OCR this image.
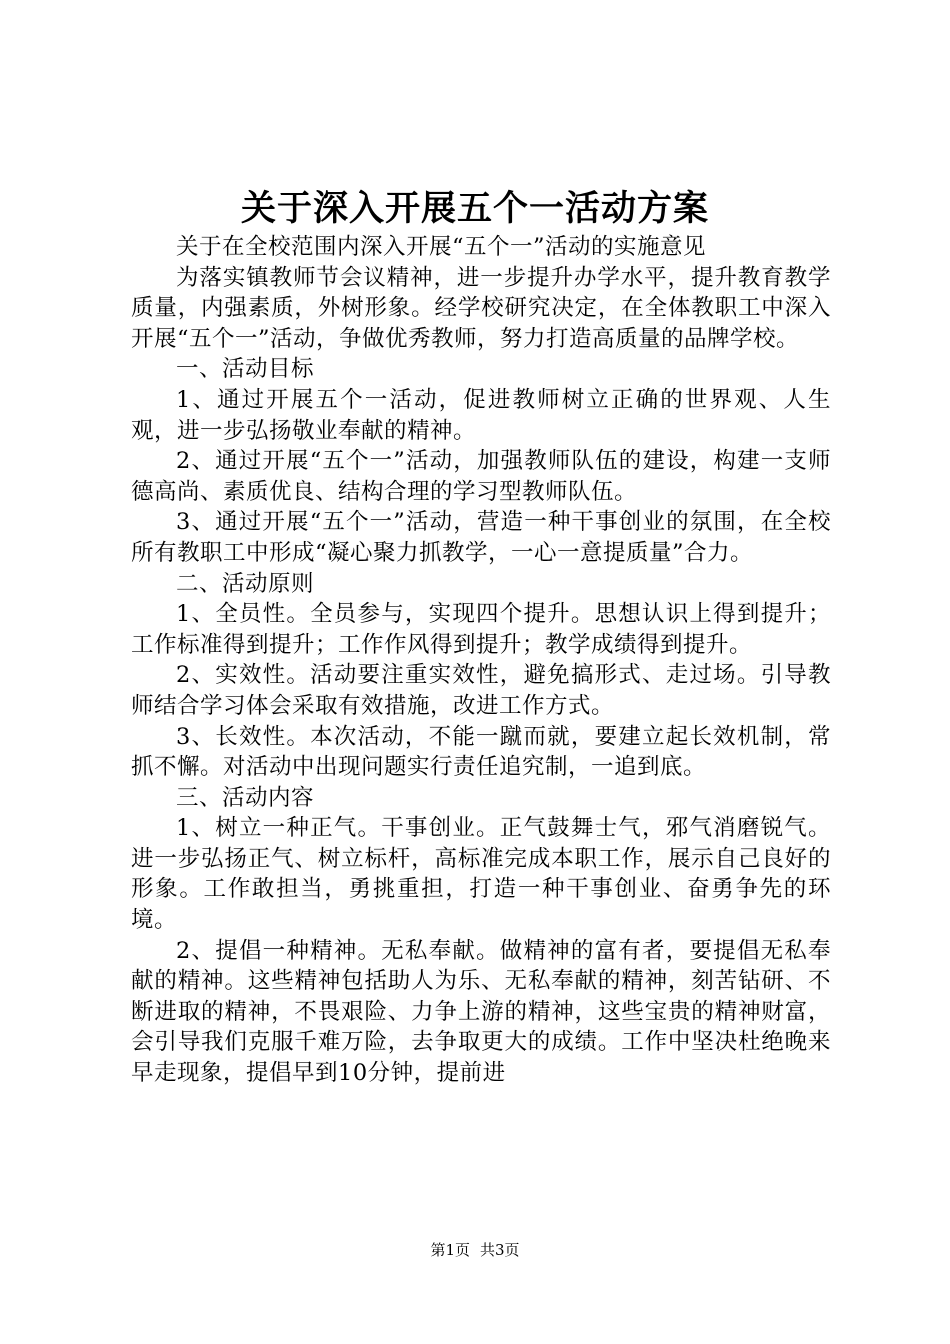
关于深入开展五个一活动方案

关于在全校范围内深入开展“五个一”活动的实施意见

为落实镇教师节会议精神，进一步提升办学水平，提升教育教学质量，内强素质，外树形象。经学校研究决定，在全体教职工中深入开展“五个一”活动，争做优秀教师，努力打造高质量的品牌学校。

一、活动目标

1、通过开展五个一活动，促进教师树立正确的世界观、人生观，进一步弘扬敬业奉献的精神。

2、通过开展“五个一”活动，加强教师队伍的建设，构建一支师德高尚、素质优良、结构合理的学习型教师队伍。

3、通过开展“五个一”活动，营造一种干事创业的氛围，在全校所有教职工中形成“凝心聚力抓教学，一心一意提质量”合力。

二、活动原则

1、全员性。全员参与，实现四个提升。思想认识上得到提升；工作标准得到提升；工作作风得到提升；教学成绩得到提升。

2、实效性。活动要注重实效性，避免搞形式、走过场。引导教师结合学习体会采取有效措施，改进工作方式。

3、长效性。本次活动，不能一蹴而就，要建立起长效机制，常抓不懈。对活动中出现问题实行责任追究制，一追到底。

三、活动内容

1、树立一种正气。干事创业。正气鼓舞士气，邪气消磨锐气。进一步弘扬正气、树立标杆，高标准完成本职工作，展示自己良好的形象。工作敢担当，勇挑重担，打造一种干事创业、奋勇争先的环境。

2、提倡一种精神。无私奉献。做精神的富有者，要提倡无私奉献的精神。这些精神包括助人为乐、无私奉献的精神，刻苦钻研、不断进取的精神，不畏艰险、力争上游的精神，这些宝贵的精神财富，会引导我们克服千难万险，去争取更大的成绩。工作中坚决杜绝晚来早走现象，提倡早到10分钟，提前进

第1页 共3页
